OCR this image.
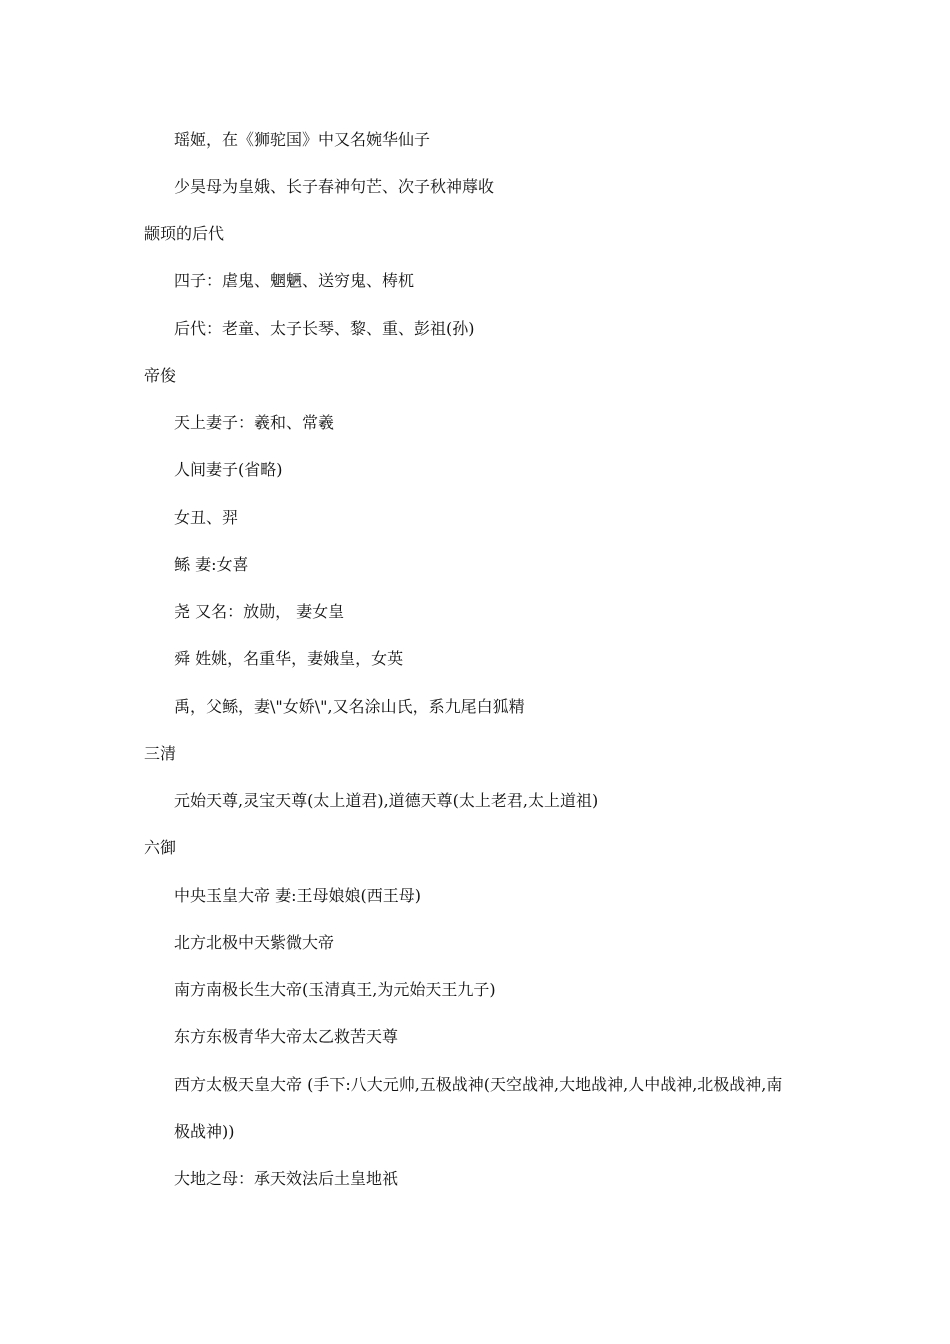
瑶姬，在《狮驼国》中又名婉华仙子
少昊母为皇娥、长子春神句芒、次子秋神蓐收
颛顼的后代
四子：虐鬼、魍魉、送穷鬼、梼杌
后代：老童、太子长琴、黎、重、彭祖(孙)
帝俊
天上妻子：羲和、常羲
人间妻子(省略)
女丑、羿
鲧 妻:女喜
尧 又名：放勋， 妻女皇
舜 姓姚，名重华，妻娥皇，女英
禹，父鲧，妻\"女娇\",又名涂山氏，系九尾白狐精
三清
元始天尊,灵宝天尊(太上道君),道德天尊(太上老君,太上道祖)
六御
中央玉皇大帝 妻:王母娘娘(西王母)
北方北极中天紫微大帝
南方南极长生大帝(玉清真王,为元始天王九子)
东方东极青华大帝太乙救苦天尊
西方太极天皇大帝 (手下:八大元帅,五极战神(天空战神,大地战神,人中战神,北极战神,南
极战神))
大地之母：承天效法后土皇地祇
